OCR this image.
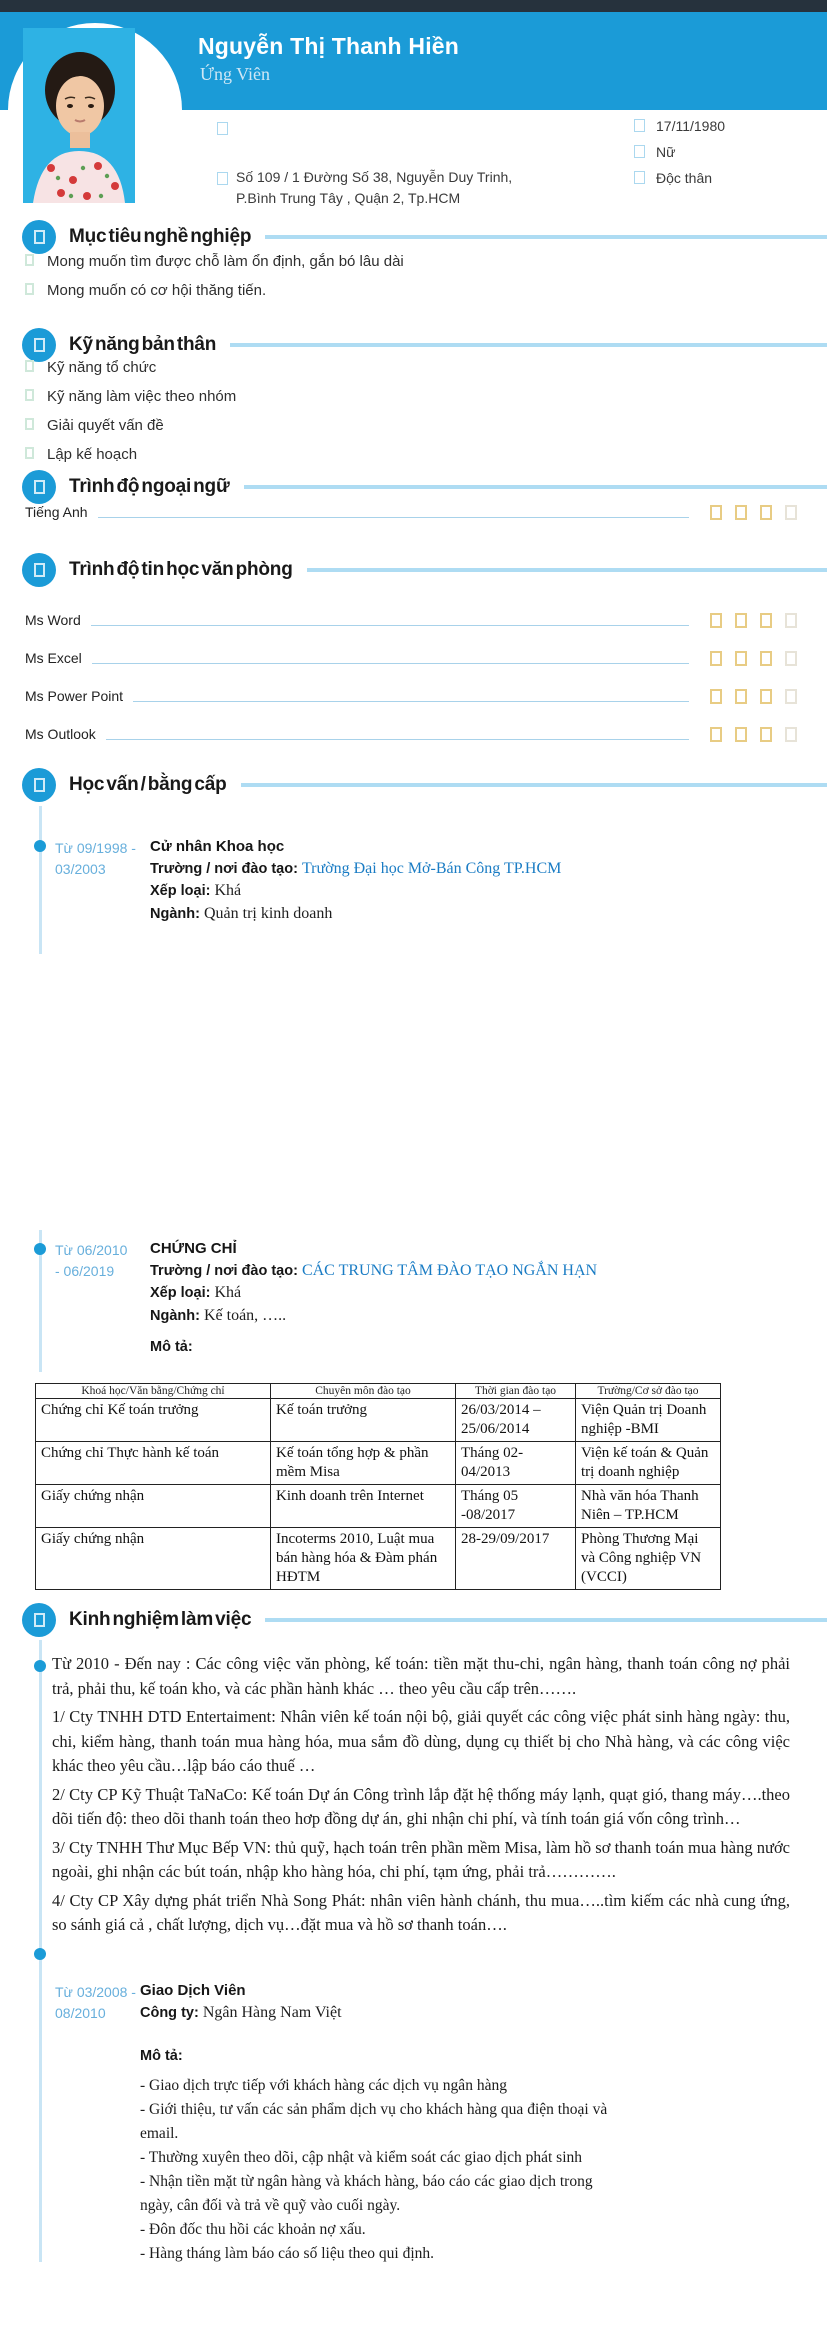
Nguyễn Thị Thanh Hiền
Ứng Viên
Số 109 / 1 Đường Số 38, Nguyễn Duy Trinh, P.Bình Trung Tây , Quận 2, Tp.HCM
17/11/1980
Nữ
Độc thân
Mục tiêu nghề nghiệp
Mong muốn tìm được chỗ làm ổn định, gắn bó lâu dài
Mong muốn có cơ hội thăng tiến.
Kỹ năng bản thân
Kỹ năng tổ chức
Kỹ năng làm việc theo nhóm
Giải quyết vấn đề
Lập kế hoạch
Trình độ ngoại ngữ
Tiếng Anh
Trình độ tin học văn phòng
Ms Word
Ms Excel
Ms Power Point
Ms Outlook
Học vấn / bằng cấp
Từ 09/1998 -
03/2003
Cử nhân Khoa học
Trường / nơi đào tạo: Trường Đại học Mở-Bán Công TP.HCM
Xếp loại: Khá
Ngành: Quản trị kinh doanh
Từ 06/2010
- 06/2019
CHỨNG CHỈ
Trường / nơi đào tạo: CÁC TRUNG TÂM ĐÀO TẠO NGẮN HẠN
Xếp loại: Khá
Ngành: Kế toán, …..
Mô tả:
Khoá học/Văn bằng/Chứng chỉ	Chuyên môn đào tạo	Thời gian đào tạo	Trường/Cơ sở đào tạo
Chứng chỉ Kế toán trưởng	Kế toán trưởng	26/03/2014 – 25/06/2014	Viện Quản trị Doanh nghiệp -BMI
Chứng chỉ Thực hành kế toán	Kế toán tổng hợp & phần mềm Misa	Tháng 02-04/2013	Viện kế toán & Quản trị doanh nghiệp
Giấy chứng nhận	Kinh doanh trên Internet	Tháng 05 -08/2017	Nhà văn hóa Thanh Niên – TP.HCM
Giấy chứng nhận	Incoterms 2010, Luật mua bán hàng hóa & Đàm phán HĐTM	28-29/09/2017	Phòng Thương Mại và Công nghiệp VN (VCCI)
Kinh nghiệm làm việc
Từ 2010 - Đến nay : Các công việc văn phòng, kế toán: tiền mặt thu-chi, ngân hàng, thanh toán công nợ phải trả, phải thu, kế toán kho, và các phần hành khác … theo yêu cầu cấp trên…….
1/ Cty TNHH DTD Entertaiment: Nhân viên kế toán nội bộ, giải quyết các công việc phát sinh hàng ngày: thu, chi, kiểm hàng, thanh toán mua hàng hóa, mua sắm đồ dùng, dụng cụ thiết bị cho Nhà hàng, và các công việc khác theo yêu cầu…lập báo cáo thuế …
2/ Cty CP Kỹ Thuật TaNaCo: Kế toán Dự án Công trình lắp đặt hệ thống máy lạnh, quạt gió, thang máy….theo dõi tiến độ: theo dõi thanh toán theo hơp đồng dự án, ghi nhận chi phí, và tính toán giá vốn công trình…
3/ Cty TNHH Thư Mục Bếp VN: thủ quỹ, hạch toán trên phần mềm Misa, làm hồ sơ thanh toán mua hàng nước ngoài, ghi nhận các bút toán, nhập kho hàng hóa, chi phí, tạm ứng, phải trả………….
4/ Cty CP Xây dựng phát triển Nhà Song Phát: nhân viên hành chánh, thu mua…..tìm kiếm các nhà cung ứng, so sánh giá cả , chất lượng, dịch vụ…đặt mua và hồ sơ thanh toán….
Từ 03/2008 -
08/2010
Giao Dịch Viên
Công ty: Ngân Hàng Nam Việt
Mô tả:
- Giao dịch trực tiếp với khách hàng các dịch vụ ngân hàng
- Giới thiệu, tư vấn các sản phẩm dịch vụ cho khách hàng qua điện thoại và email.
- Thường xuyên theo dõi, cập nhật và kiểm soát các giao dịch phát sinh
- Nhận tiền mặt từ ngân hàng và khách hàng, báo cáo các giao dịch trong ngày, cân đối và trả về quỹ vào cuối ngày.
- Đôn đốc thu hồi các khoản nợ xấu.
- Hàng tháng làm báo cáo số liệu theo qui định.
